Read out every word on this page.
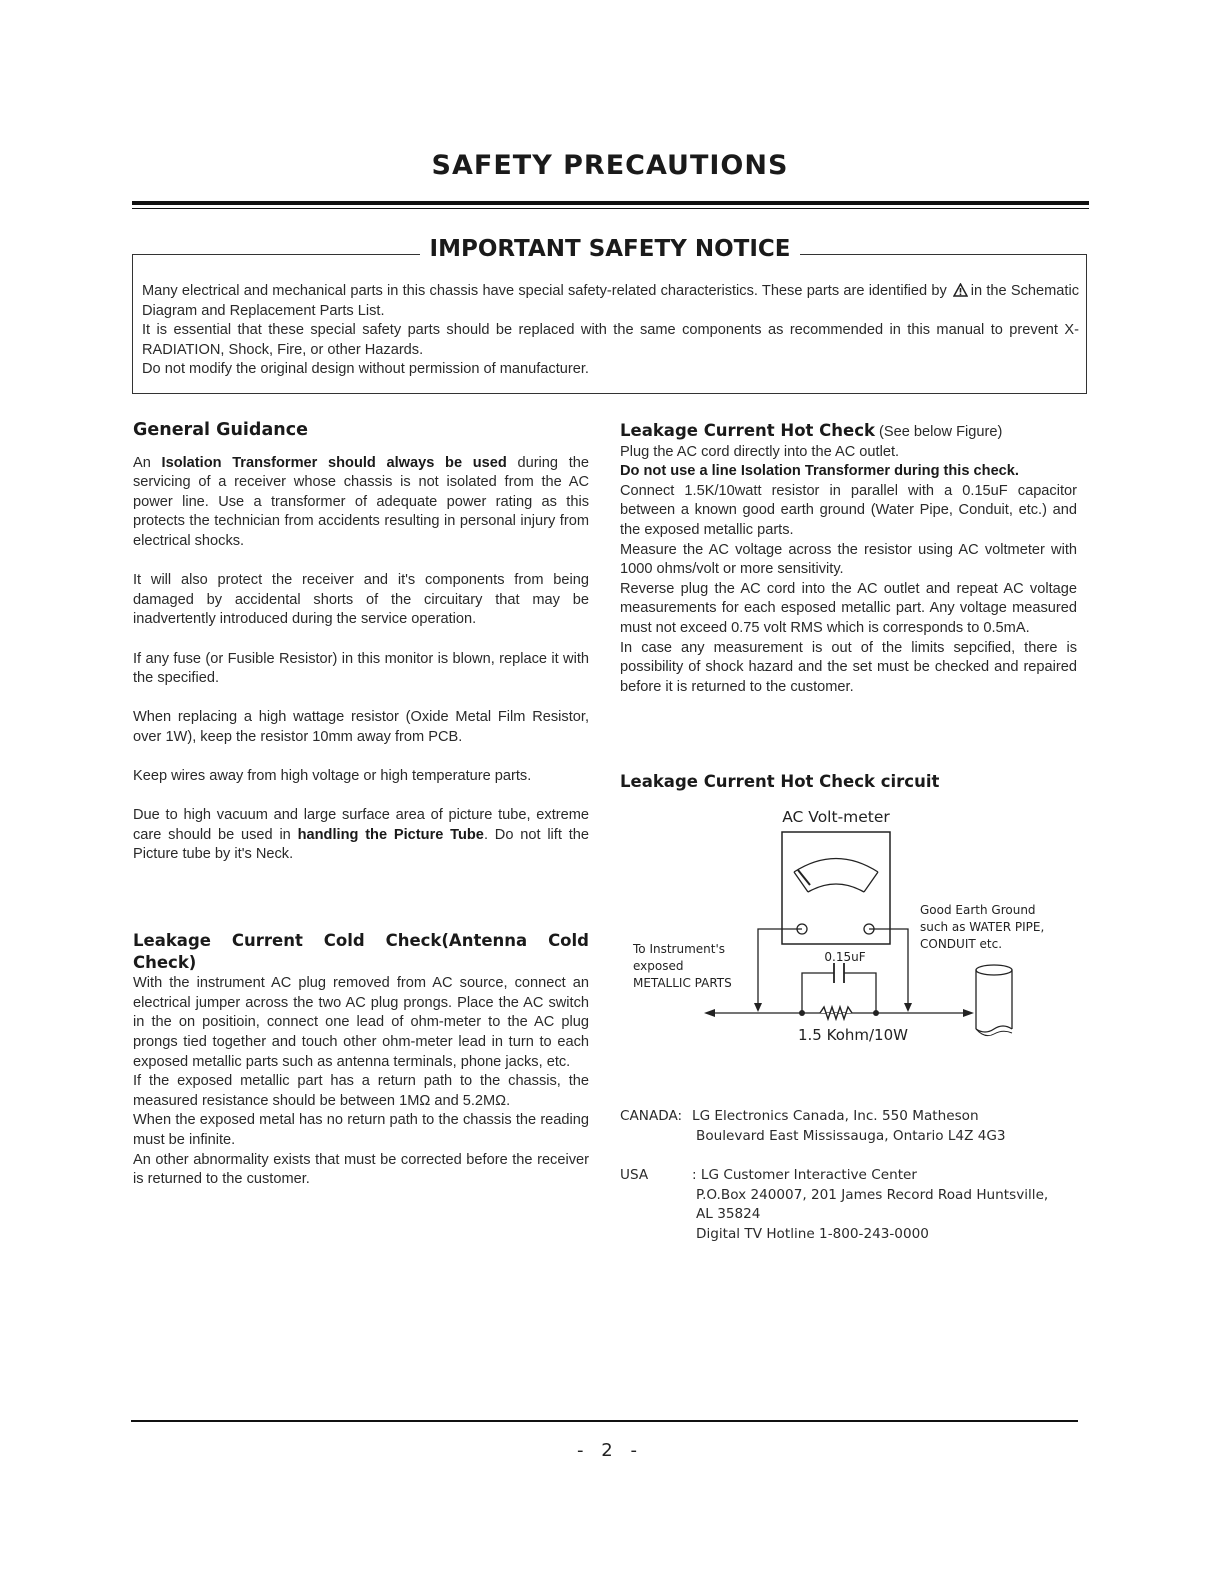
SAFETY PRECAUTIONS
IMPORTANT SAFETY NOTICE

Many electrical and mechanical parts in this chassis have special safety-related characteristics. These parts are identified by in the Schematic Diagram and Replacement Parts List.

It is essential that these special safety parts should be replaced with the same components as recommended in this manual to prevent X-RADIATION, Shock, Fire, or other Hazards.

Do not modify the original design without permission of manufacturer.

General Guidance

An Isolation Transformer should always be used during the servicing of a receiver whose chassis is not isolated from the AC power line. Use a transformer of adequate power rating as this protects the technician from accidents resulting in personal injury from electrical shocks.

It will also protect the receiver and it's components from being damaged by accidental shorts of the circuitary that may be inadvertently introduced during the service operation.

If any fuse (or Fusible Resistor) in this monitor is blown, replace it with the specified.

When replacing a high wattage resistor (Oxide Metal Film Resistor, over 1W), keep the resistor 10mm away from PCB.

Keep wires away from high voltage or high temperature parts.

Due to high vacuum and large surface area of picture tube, extreme care should be used in handling the Picture Tube. Do not lift the Picture tube by it's Neck.

Leakage Current Cold Check(Antenna Cold Check)

With the instrument AC plug removed from AC source, connect an electrical jumper across the two AC plug prongs. Place the AC switch in the on positioin, connect one lead of ohm-meter to the AC plug prongs tied together and touch other ohm-meter lead in turn to each exposed metallic parts such as antenna terminals, phone jacks, etc.

If the exposed metallic part has a return path to the chassis, the measured resistance should be between 1MΩ and 5.2MΩ.

When the exposed metal has no return path to the chassis the reading must be infinite.

An other abnormality exists that must be corrected before the receiver is returned to the customer.

Leakage Current Hot Check (See below Figure)

Plug the AC cord directly into the AC outlet.

Do not use a line Isolation Transformer during this check.

Connect 1.5K/10watt resistor in parallel with a 0.15uF capacitor between a known good earth ground (Water Pipe, Conduit, etc.) and the exposed metallic parts.

Measure the AC voltage across the resistor using AC voltmeter with 1000 ohms/volt or more sensitivity.

Reverse plug the AC cord into the AC outlet and repeat AC voltage measurements for each esposed metallic part. Any voltage measured must not exceed 0.75 volt RMS which is corresponds to 0.5mA.

In case any measurement is out of the limits sepcified, there is possibility of shock hazard and the set must be checked and repaired before it is returned to the customer.

Leakage Current Hot Check circuit

AC Volt-meter
0.15uF
1.5 Kohm/10W
To Instrument's
exposed
METALLIC PARTS
Good Earth Ground
such as WATER PIPE,
CONDUIT etc.
CANADA: LG Electronics Canada, Inc. 550 Matheson
Boulevard East Mississauga, Ontario L4Z 4G3
USA	: LG Customer Interactive Center
P.O.Box 240007, 201 James Record Road Huntsville,
AL 35824
Digital TV Hotline 1-800-243-0000
- 2 -
